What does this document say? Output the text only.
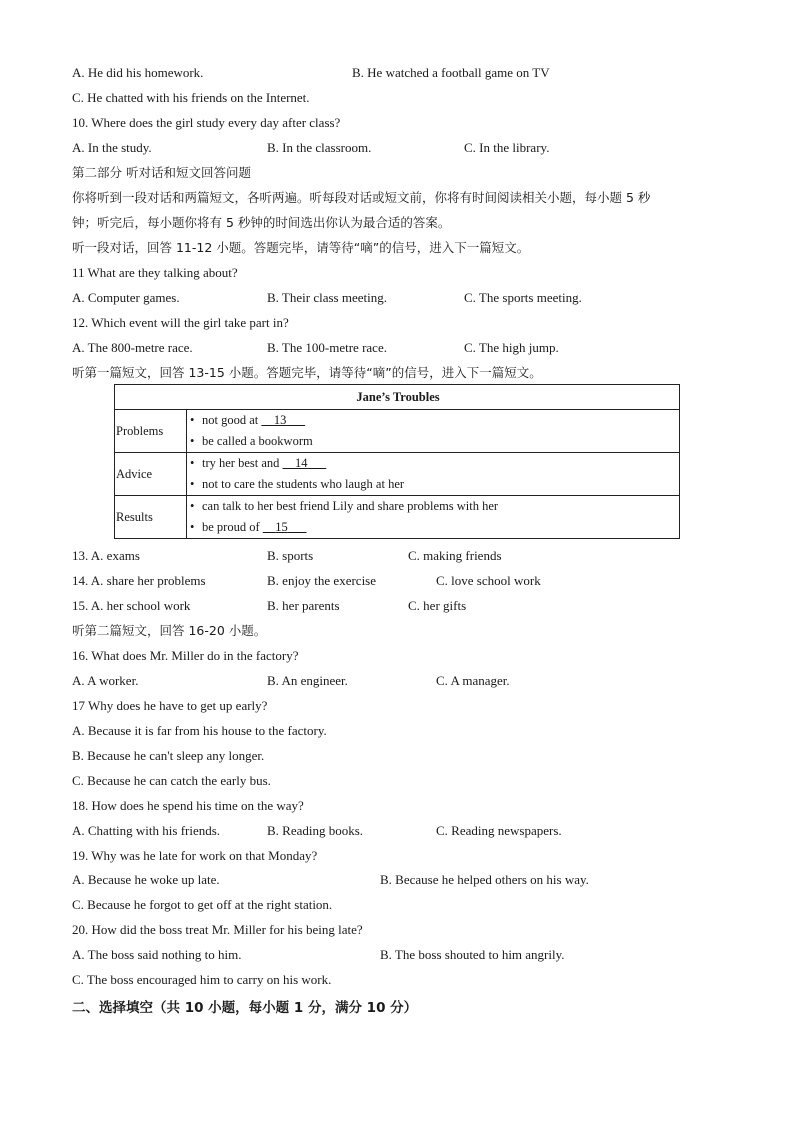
A. He did his homework.	B. He watched a football game on TV
C. He chatted with his friends on the Internet.
10. Where does the girl study every day after class?
A. In the study.	B. In the classroom.	C. In the library.
第二部分 听对话和短文回答问题
你将听到一段对话和两篇短文，各听两遍。听每段对话或短文前，你将有时间阅读相关小题，每小题 5 秒
钟；听完后，每小题你将有 5 秒钟的时间选出你认为最合适的答案。
听一段对话，回答 11-12 小题。答题完毕，请等待“嘀”的信号，进入下一篇短文。
11 What are they talking about?
A. Computer games.	B. Their class meeting.	C. The sports meeting.
12. Which event will the girl take part in?
A. The 800-metre race.	B. The 100-metre race.	C. The high jump.
听第一篇短文，回答 13-15 小题。答题完毕，请等待“嘀”的信号，进入下一篇短文。
Jane’s Troubles	
Problems	• not good at     13
• be called a bookworm

Advice	• try her best and     14
• not to care the students who laugh at her

Results	• can talk to her best friend Lily and share problems with her
• be proud of     15
13. A. exams	B. sports	C. making friends
14. A. share her problems	B. enjoy the exercise	C. love school work
15. A. her school work	B. her parents	C. her gifts
听第二篇短文，回答 16-20 小题。
16. What does Mr. Miller do in the factory?
A. A worker.	B. An engineer.	C. A manager.
17 Why does he have to get up early?
A. Because it is far from his house to the factory.
B. Because he can't sleep any longer.
C. Because he can catch the early bus.
18. How does he spend his time on the way?
A. Chatting with his friends.	B. Reading books.	C. Reading newspapers.
19. Why was he late for work on that Monday?
A. Because he woke up late.	B. Because he helped others on his way.
C. Because he forgot to get off at the right station.
20. How did the boss treat Mr. Miller for his being late?
A. The boss said nothing to him.	B. The boss shouted to him angrily.
C. The boss encouraged him to carry on his work.
二、选择填空（共 10 小题，每小题 1 分，满分 10 分）
